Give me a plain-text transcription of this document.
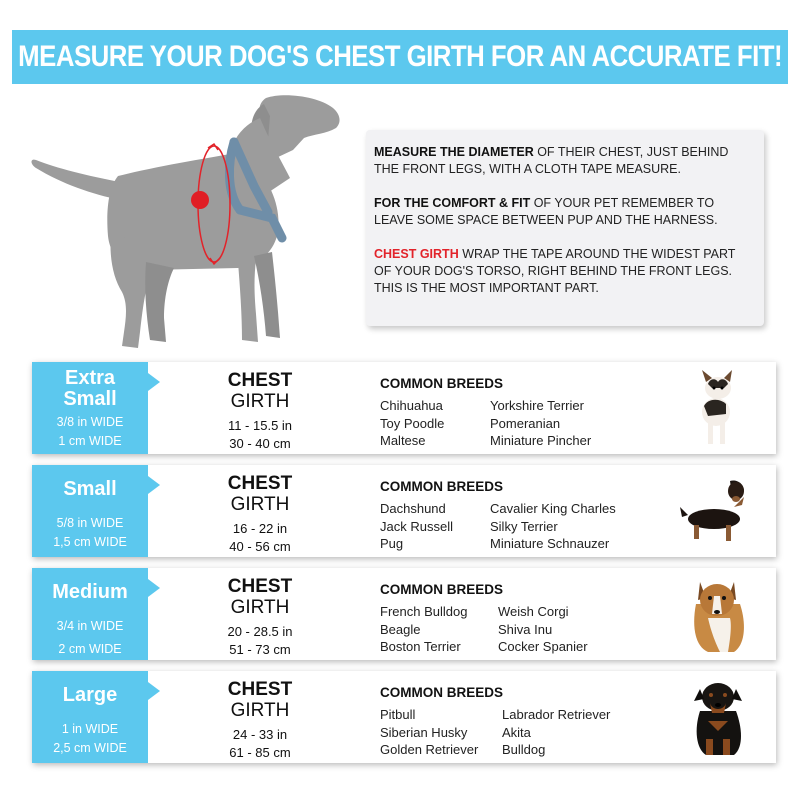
MEASURE YOUR DOG'S CHEST GIRTH FOR AN ACCURATE FIT!

MEASURE THE DIAMETER OF THEIR CHEST, JUST BEHIND THE FRONT LEGS, WITH A CLOTH TAPE MEASURE.

FOR THE COMFORT & FIT OF YOUR PET REMEMBER TO LEAVE SOME SPACE BETWEEN PUP AND THE HARNESS.

CHEST GIRTH WRAP THE TAPE AROUND THE WIDEST PART OF YOUR DOG'S TORSO, RIGHT BEHIND THE FRONT LEGS. THIS IS THE MOST IMPORTANT PART.

Extra
Small
3/8 in WIDE
1 cm WIDE
CHEST
GIRTH
11 - 15.5 in
30 - 40 cm
COMMON BREEDS
Chihuahua	Yorkshire Terrier
Toy Poodle	Pomeranian
Maltese	Miniature Pincher
Small
5/8 in WIDE
1,5 cm WIDE
CHEST
GIRTH
16 - 22 in
40 - 56 cm
COMMON BREEDS
Dachshund	Cavalier King Charles
Jack Russell	Silky Terrier
Pug	Miniature Schnauzer
Medium
3/4 in WIDE
2 cm WIDE
CHEST
GIRTH
20 - 28.5 in
51 - 73 cm
COMMON BREEDS
French Bulldog	Weish Corgi
Beagle	Shiva Inu
Boston Terrier	Cocker Spanier
Large
1 in WIDE
2,5 cm WIDE
CHEST
GIRTH
24 - 33 in
61 - 85 cm
COMMON BREEDS
Pitbull	Labrador Retriever
Siberian Husky	Akita
Golden Retriever	Bulldog
